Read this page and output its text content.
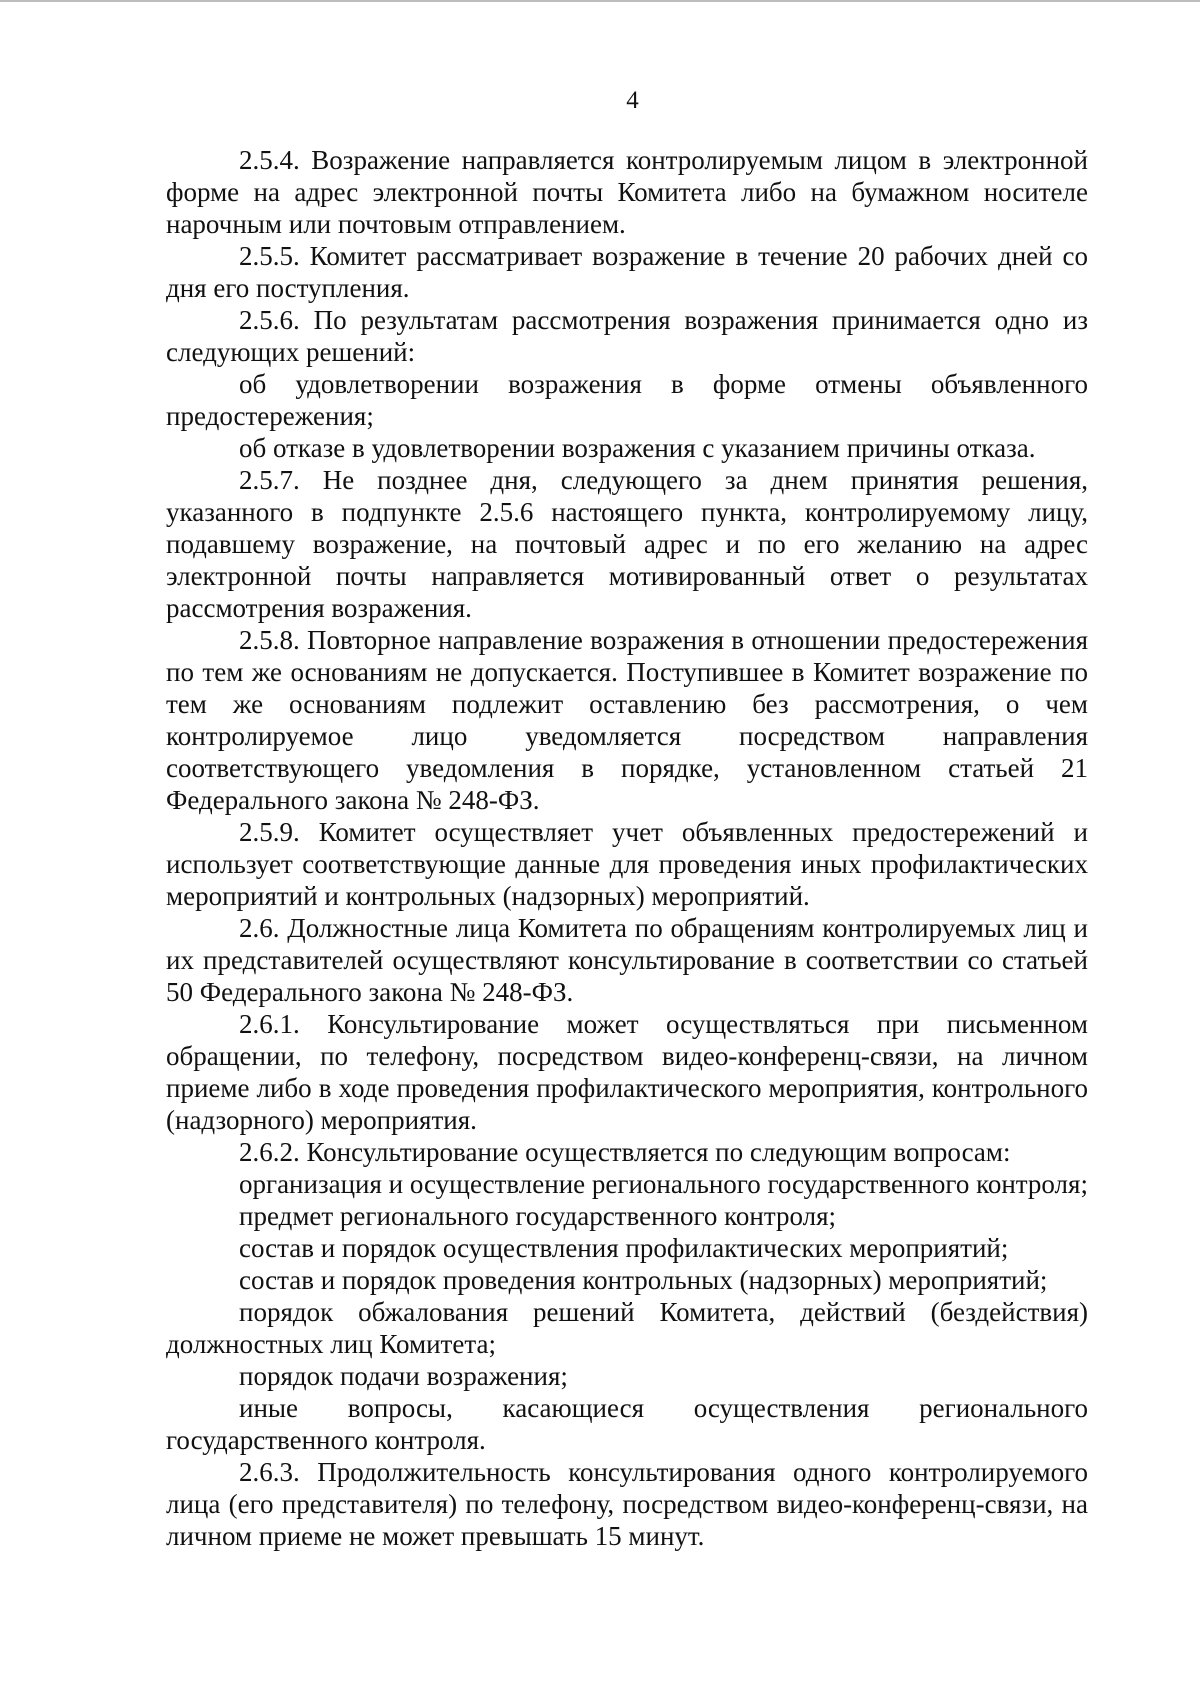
4

2.5.4. Возражение направляется контролируемым лицом в электронной форме на адрес электронной почты Комитета либо на бумажном носителе нарочным или почтовым отправлением.

2.5.5. Комитет рассматривает возражение в течение 20 рабочих дней со дня его поступления.

2.5.6. По результатам рассмотрения возражения принимается одно из следующих решений:

об удовлетворении возражения в форме отмены объявленного предостережения;

об отказе в удовлетворении возражения с указанием причины отказа.

2.5.7. Не позднее дня, следующего за днем принятия решения, указанного в подпункте 2.5.6 настоящего пункта, контролируемому лицу, подавшему возражение, на почтовый адрес и по его желанию на адрес электронной почты направляется мотивированный ответ о результатах рассмотрения возражения.

2.5.8. Повторное направление возражения в отношении предостережения по тем же основаниям не допускается. Поступившее в Комитет возражение по тем же основаниям подлежит оставлению без рассмотрения, о чем контролируемое лицо уведомляется посредством направления соответствующего уведомления в порядке, установленном статьей 21 Федерального закона № 248-ФЗ.

2.5.9. Комитет осуществляет учет объявленных предостережений и использует соответствующие данные для проведения иных профилактических мероприятий и контрольных (надзорных) мероприятий.

2.6. Должностные лица Комитета по обращениям контролируемых лиц и их представителей осуществляют консультирование в соответствии со статьей 50 Федерального закона № 248-ФЗ.

2.6.1. Консультирование может осуществляться при письменном обращении, по телефону, посредством видео-конференц-связи, на личном приеме либо в ходе проведения профилактического мероприятия, контрольного (надзорного) мероприятия.

2.6.2. Консультирование осуществляется по следующим вопросам:

организация и осуществление регионального государственного контроля;

предмет регионального государственного контроля;

состав и порядок осуществления профилактических мероприятий;

состав и порядок проведения контрольных (надзорных) мероприятий;

порядок обжалования решений Комитета, действий (бездействия) должностных лиц Комитета;

порядок подачи возражения;

иные вопросы, касающиеся осуществления регионального государственного контроля.

2.6.3. Продолжительность консультирования одного контролируемого лица (его представителя) по телефону, посредством видео-конференц-связи, на личном приеме не может превышать 15 минут.
